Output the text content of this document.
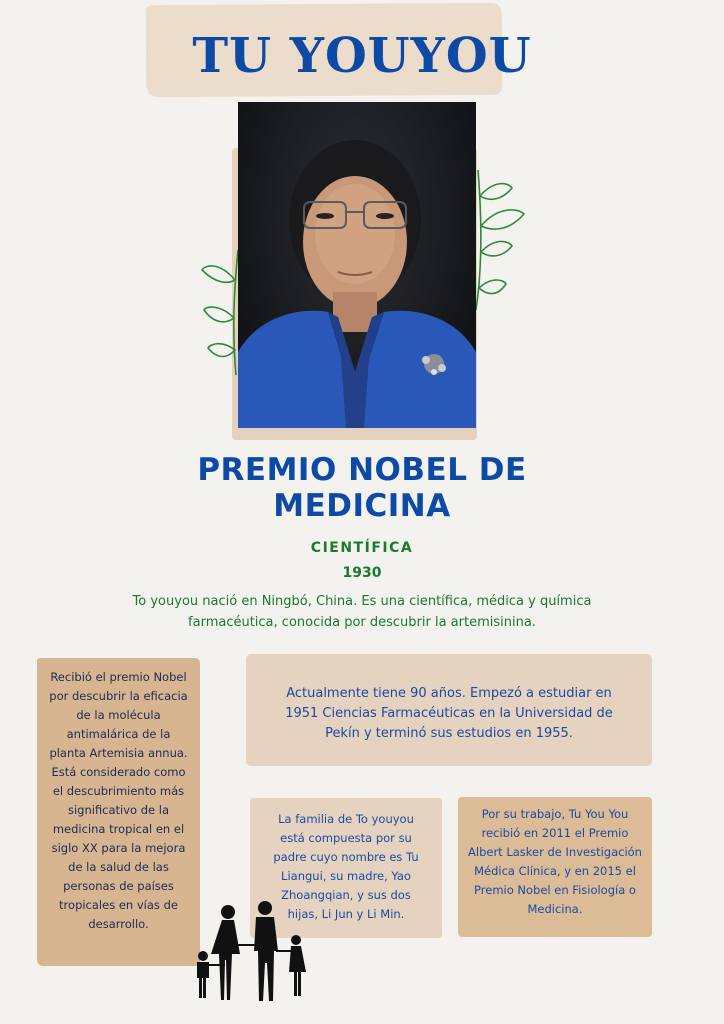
TU YOUYOU
PREMIO NOBEL DE
MEDICINA
CIENTÍFICA
1930
To youyou nació en Ningbó, China. Es una científica, médica y química farmacéutica, conocida por descubrir la artemisinina.
Recibió el premio Nobel por descubrir la eficacia de la molécula antimalárica de la planta Artemisia annua. Está considerado como el descubrimiento más significativo de la medicina tropical en el siglo XX para la mejora de la salud de las personas de países tropicales en vías de desarrollo.
Actualmente tiene 90 años. Empezó a estudiar en 1951 Ciencias Farmacéuticas en la Universidad de Pekín y terminó sus estudios en 1955.
La familia de To youyou está compuesta por su padre cuyo nombre es Tu Liangui, su madre, Yao Zhoangqian, y sus dos hijas, Li Jun y Li Min.
Por su trabajo, Tu You You recibió en 2011 el Premio Albert Lasker de Investigación Médica Clínica, y en 2015 el Premio Nobel en Fisiología o Medicina.
